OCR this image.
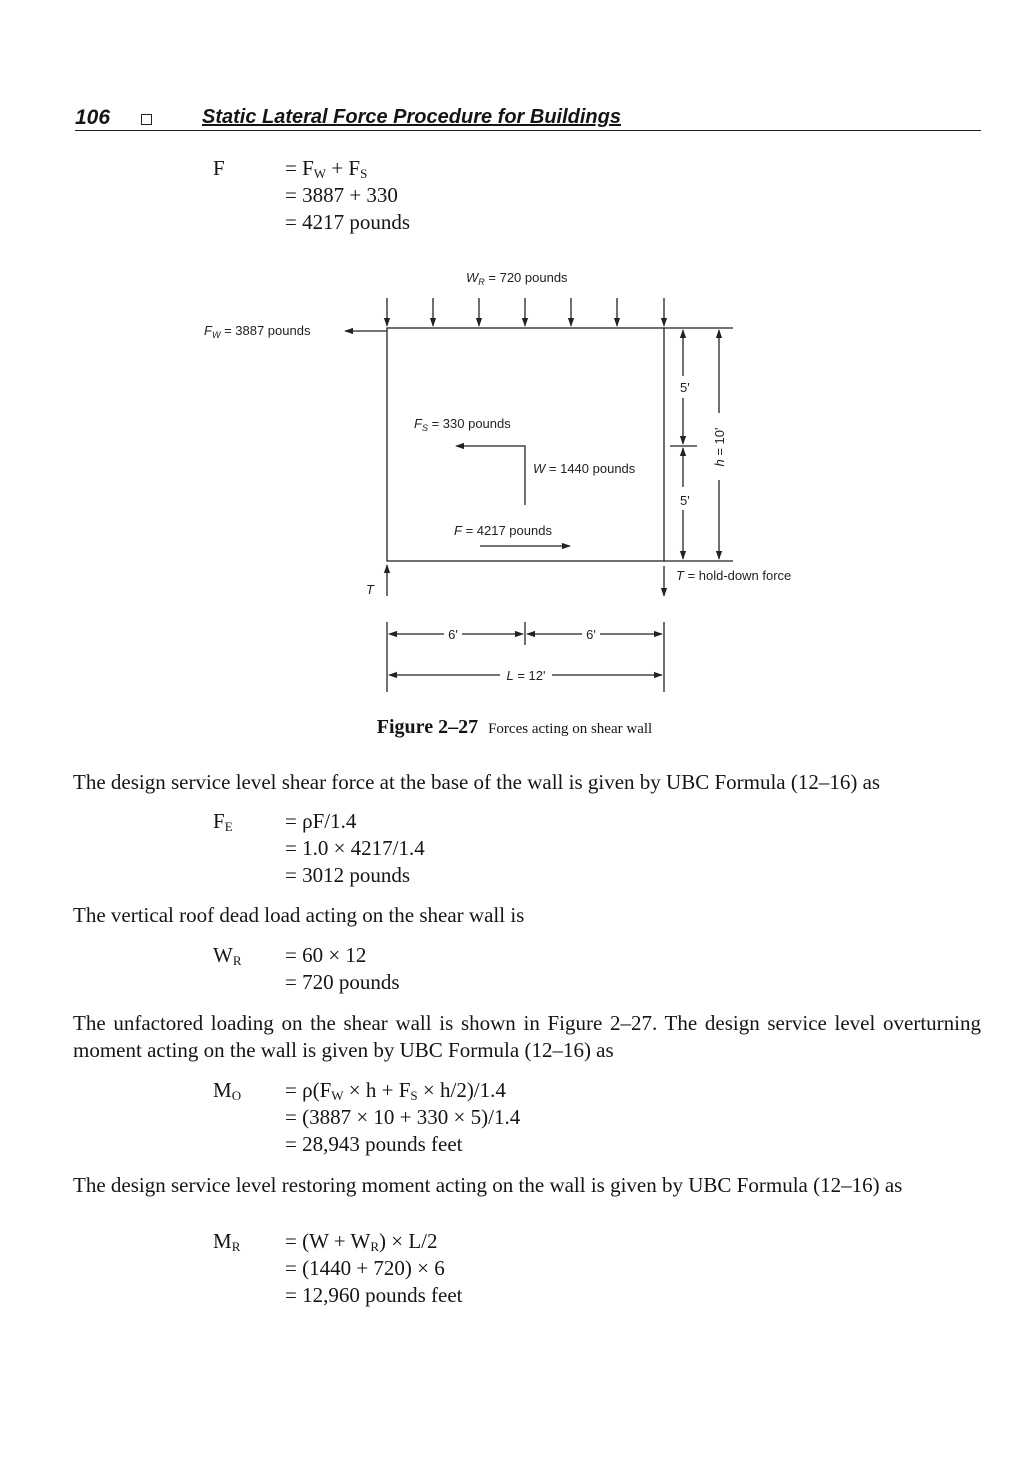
106	Static Lateral Force Procedure for Buildings
F	= $F_W + F_S$
= 3887 + 330
= 4217 pounds
$W_R = 720$ pounds
$F_W = 3887$ pounds
$F_S = 330$ pounds
W = 1440 pounds
F = 4217 pounds
T
T = hold-down force
5'
5'
h = 10'
6'	6'
L = 12'
Figure 2–27 Forces acting on shear wall
The design service level shear force at the base of the wall is given by UBC Formula (12–16) as
$F_E = \rho F/1.4$
= 1.0 × 4217/1.4
= 3012 pounds
The vertical roof dead load acting on the shear wall is
$W_R = 60 \times 12$
= 720 pounds
The unfactored loading on the shear wall is shown in Figure 2–27. The design service level overturning moment acting on the wall is given by UBC Formula (12–16) as
$M_O = \rho(F_W \times h + F_S \times h/2)/1.4$
= (3887 × 10 + 330 × 5)/1.4
= 28,943 pounds feet
The design service level restoring moment acting on the wall is given by UBC Formula (12–16) as
$M_R = (W + W_R) \times L/2$
= (1440 + 720) × 6
= 12,960 pounds feet
